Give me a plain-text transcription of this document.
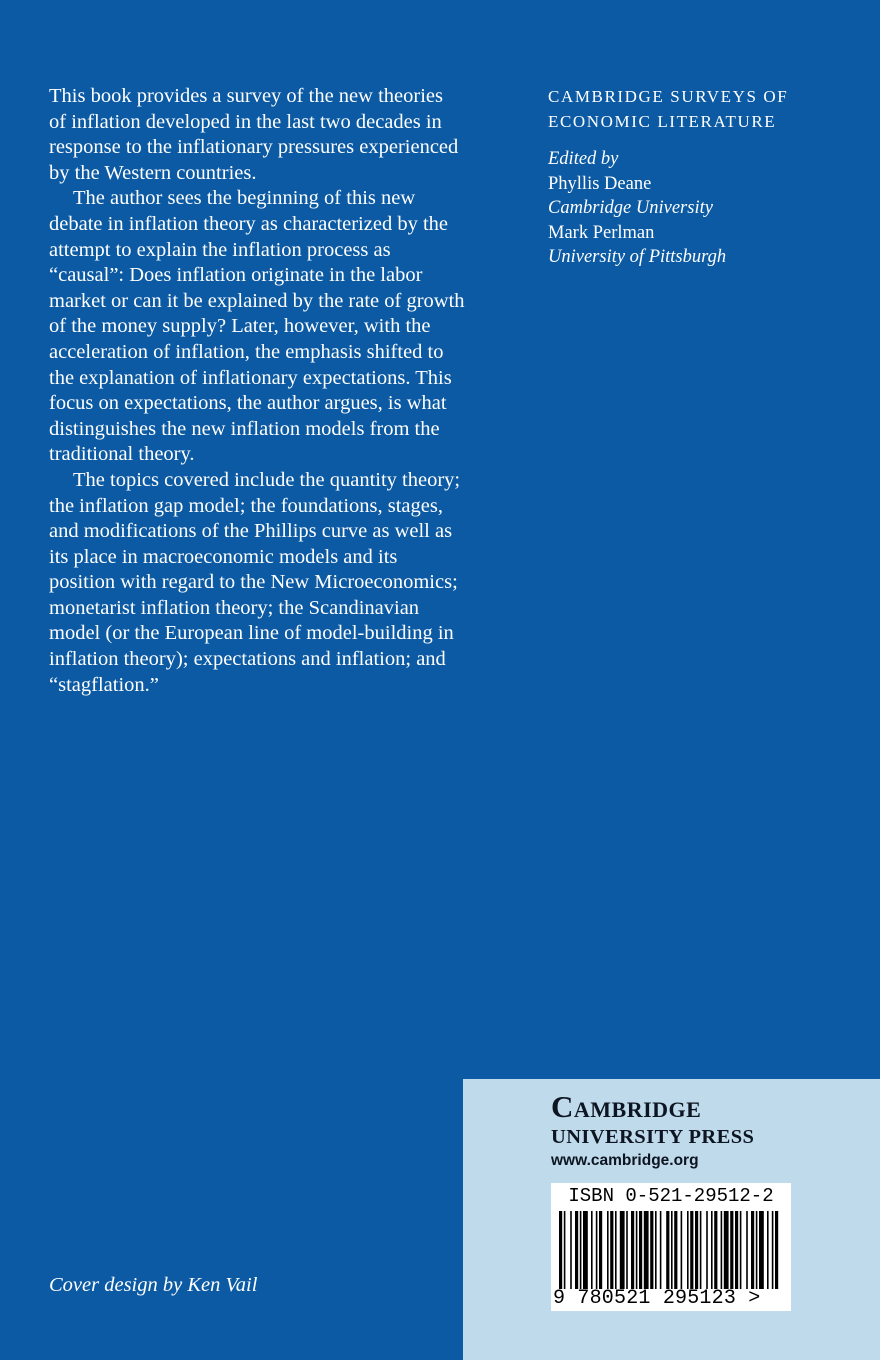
This book provides a survey of the new theories of inflation developed in the last two decades in response to the inflationary pressures experienced by the Western countries.

The author sees the beginning of this new debate in inflation theory as characterized by the attempt to explain the inflation process as “causal”: Does inflation originate in the labor market or can it be explained by the rate of growth of the money supply? Later, however, with the acceleration of inflation, the emphasis shifted to the explanation of inflationary expectations. This focus on expectations, the author argues, is what distinguishes the new inflation models from the traditional theory.

The topics covered include the quantity theory; the inflation gap model; the foundations, stages, and modifications of the Phillips curve as well as its place in macroeconomic models and its position with regard to the New Microeconomics; monetarist inflation theory; the Scandinavian model (or the European line of model-building in inflation theory); expectations and inflation; and “stagflation.”

CAMBRIDGE SURVEYS OF
ECONOMIC LITERATURE
Edited by
Phyllis Deane
Cambridge University
Mark Perlman
University of Pittsburgh
Cover design by Ken Vail
Cambridge
UNIVERSITY PRESS
www.cambridge.org
ISBN 0-521-29512-2
9 780521 295123 >
